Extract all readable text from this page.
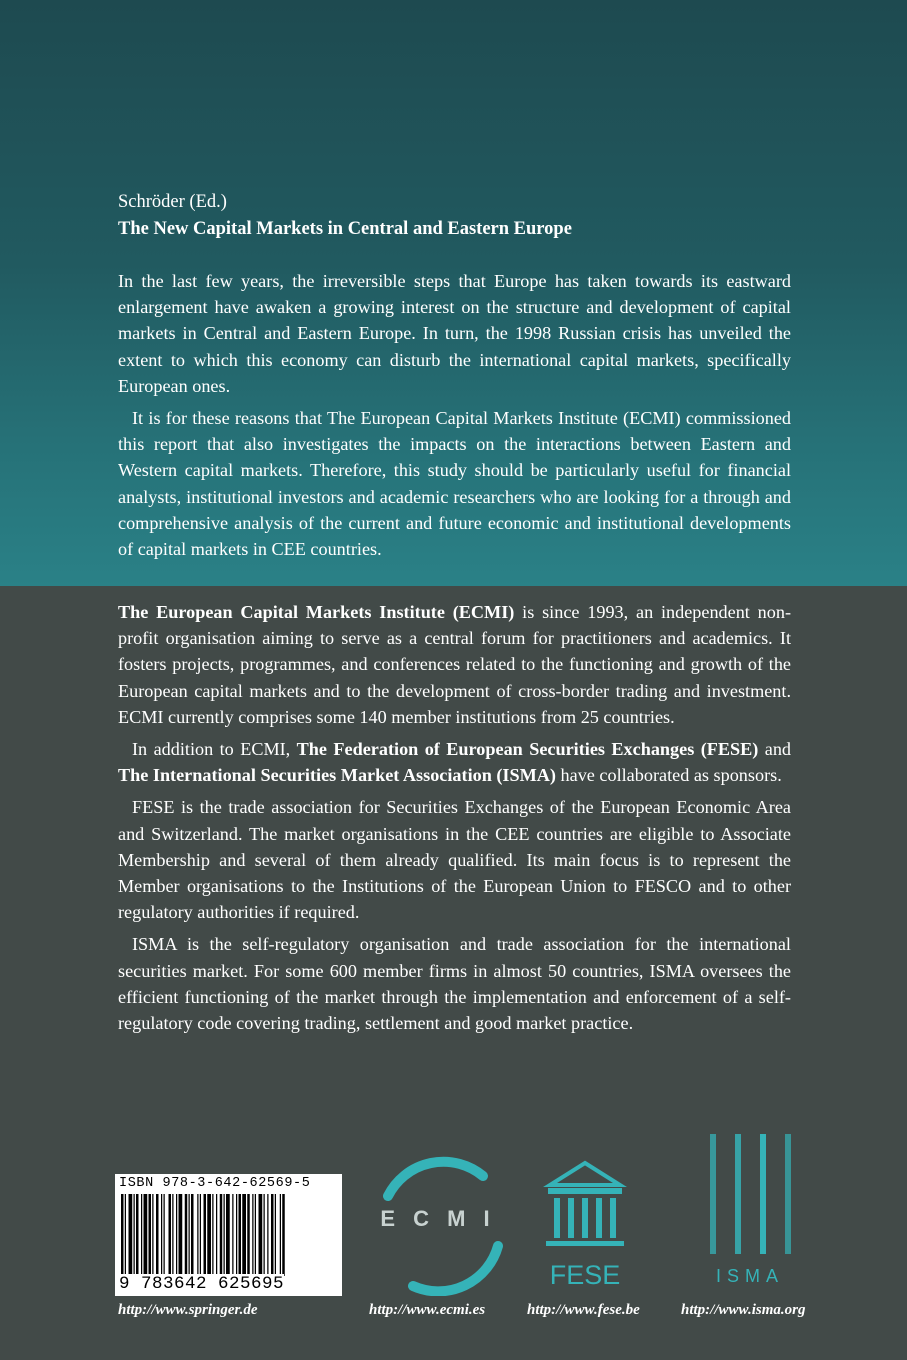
Schröder (Ed.)
The New Capital Markets in Central and Eastern Europe

In the last few years, the irreversible steps that Europe has taken towards its eastward enlargement have awaken a growing interest on the structure and development of capital markets in Central and Eastern Europe. In turn, the 1998 Russian crisis has unveiled the extent to which this economy can disturb the international capital markets, specifically European ones.

It is for these reasons that The European Capital Markets Institute (ECMI) commissioned this report that also investigates the impacts on the interactions between Eastern and Western capital markets. Therefore, this study should be particularly useful for financial analysts, institutional investors and academic researchers who are looking for a through and comprehensive analysis of the current and future economic and institutional developments of capital markets in CEE countries.

The European Capital Markets Institute (ECMI) is since 1993, an independent non-profit organisation aiming to serve as a central forum for practitioners and academics. It fosters projects, programmes, and conferences related to the functioning and growth of the European capital markets and to the development of cross-border trading and investment. ECMI currently comprises some 140 member institutions from 25 countries.

In addition to ECMI, The Federation of European Securities Exchanges (FESE) and The International Securities Market Association (ISMA) have collaborated as sponsors.

FESE is the trade association for Securities Exchanges of the European Economic Area and Switzerland. The market organisations in the CEE countries are eligible to Associate Membership and several of them already qualified. Its main focus is to represent the Member organisations to the Institutions of the European Union to FESCO and to other regulatory authorities if required.

ISMA is the self-regulatory organisation and trade association for the international securities market. For some 600 member firms in almost 50 countries, ISMA oversees the efficient functioning of the market through the implementation and enforcement of a self-regulatory code covering trading, settlement and good market practice.

ISBN 978-3-642-62569-5
9 783642 625695
E C M I
FESE	ISMA
http://www.springer.de	http://www.ecmi.es	http://www.fese.be	http://www.isma.org
